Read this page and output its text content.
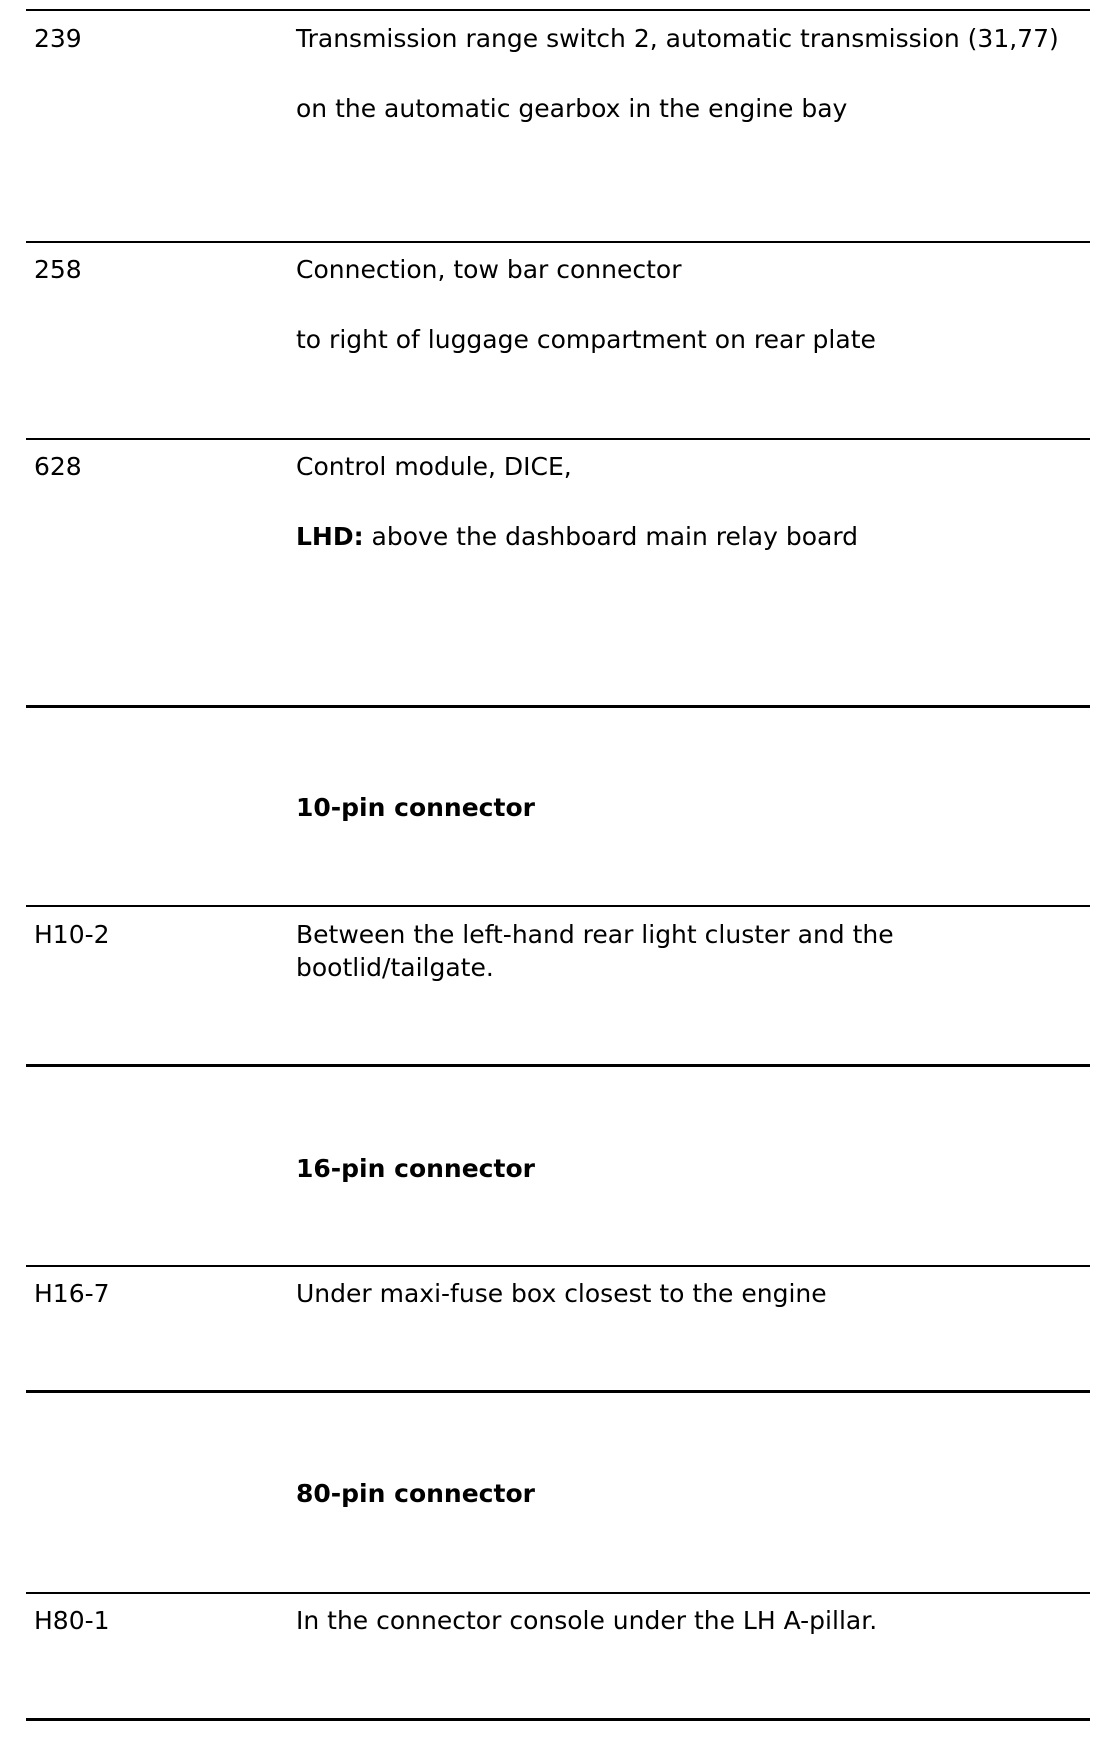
239	Transmission range switch 2, automatic transmission (31,77)

on the automatic gearbox in the engine bay

258	Connection, tow bar connector

to right of luggage compartment on rear plate

628	Control module, DICE,

LHD: above the dashboard main relay board

10-pin connector
H10-2	Between the left-hand rear light cluster and the bootlid/tailgate.

16-pin connector
H16-7	Under maxi-fuse box closest to the engine

80-pin connector
H80-1	In the connector console under the LH A-pillar.
